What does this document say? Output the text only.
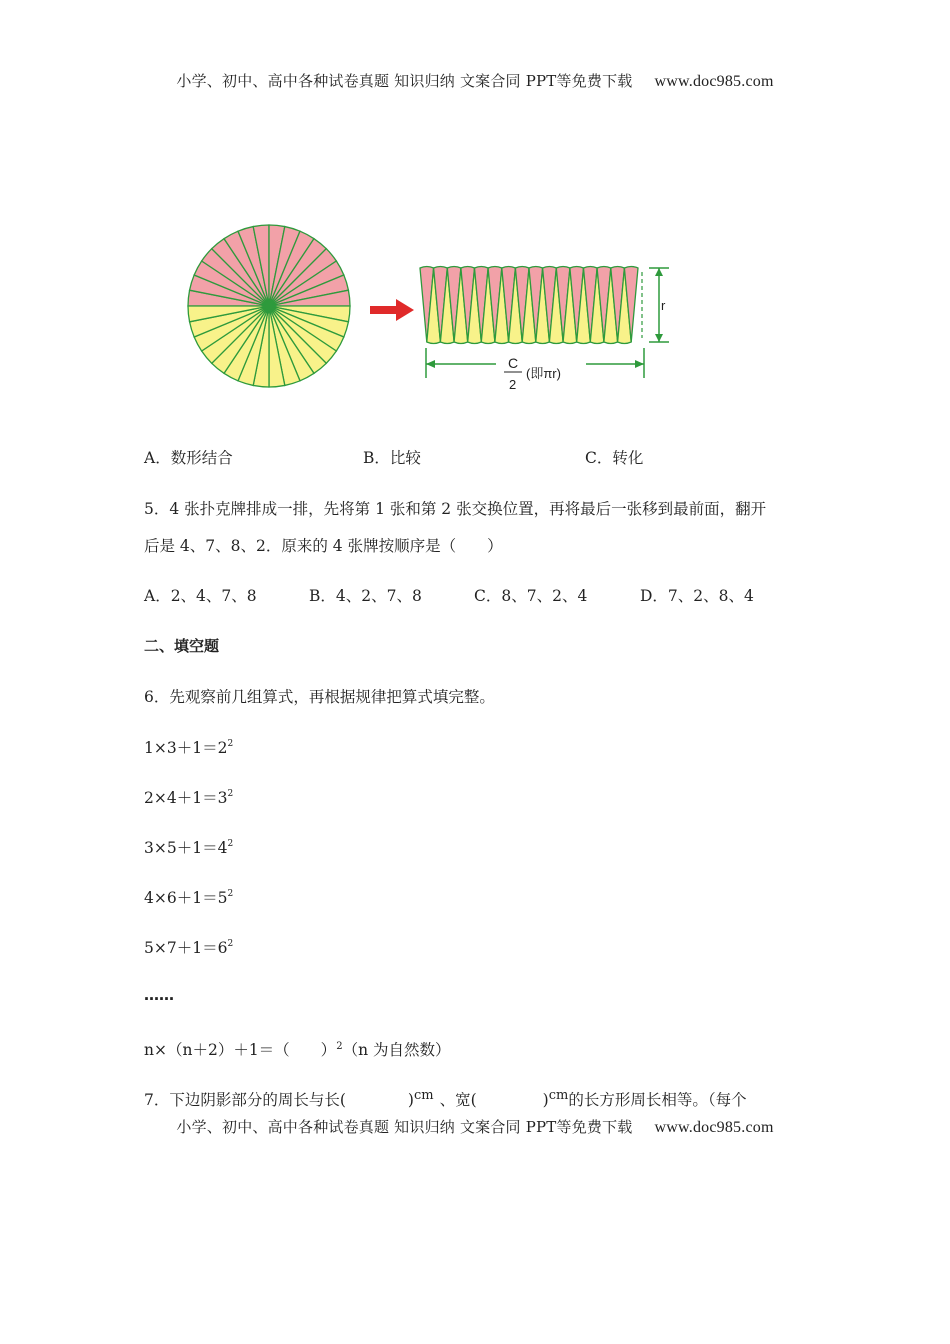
小学、初中、高中各种试卷真题 知识归纳 文案合同 PPT等免费下载 www.doc985.com
r
C
2
(即πr)
A．数形结合	B．比较	C．转化
5．4 张扑克牌排成一排，先将第 1 张和第 2 张交换位置，再将最后一张移到最前面，翻开
后是 4、7、8、2．原来的 4 张牌按顺序是（　　）
A．2、4、7、8	B．4、2、7、8	C．8、7、2、4	D．7、2、8、4
二、填空题
6．先观察前几组算式，再根据规律把算式填完整。
$1\times 3+1=2^2$
$2\times 4+1=3^2$
$3\times 5+1=4^2$
$4\times 6+1=5^2$
$5\times 7+1=6^2$
……
n×（n＋2）＋1＝（　　）$^2$（n 为自然数）
7．下边阴影部分的周长与长(	)$^{cm}$ 、宽(	)$^{cm}$的长方形周长相等。（每个
小学、初中、高中各种试卷真题 知识归纳 文案合同 PPT等免费下载 www.doc985.com
